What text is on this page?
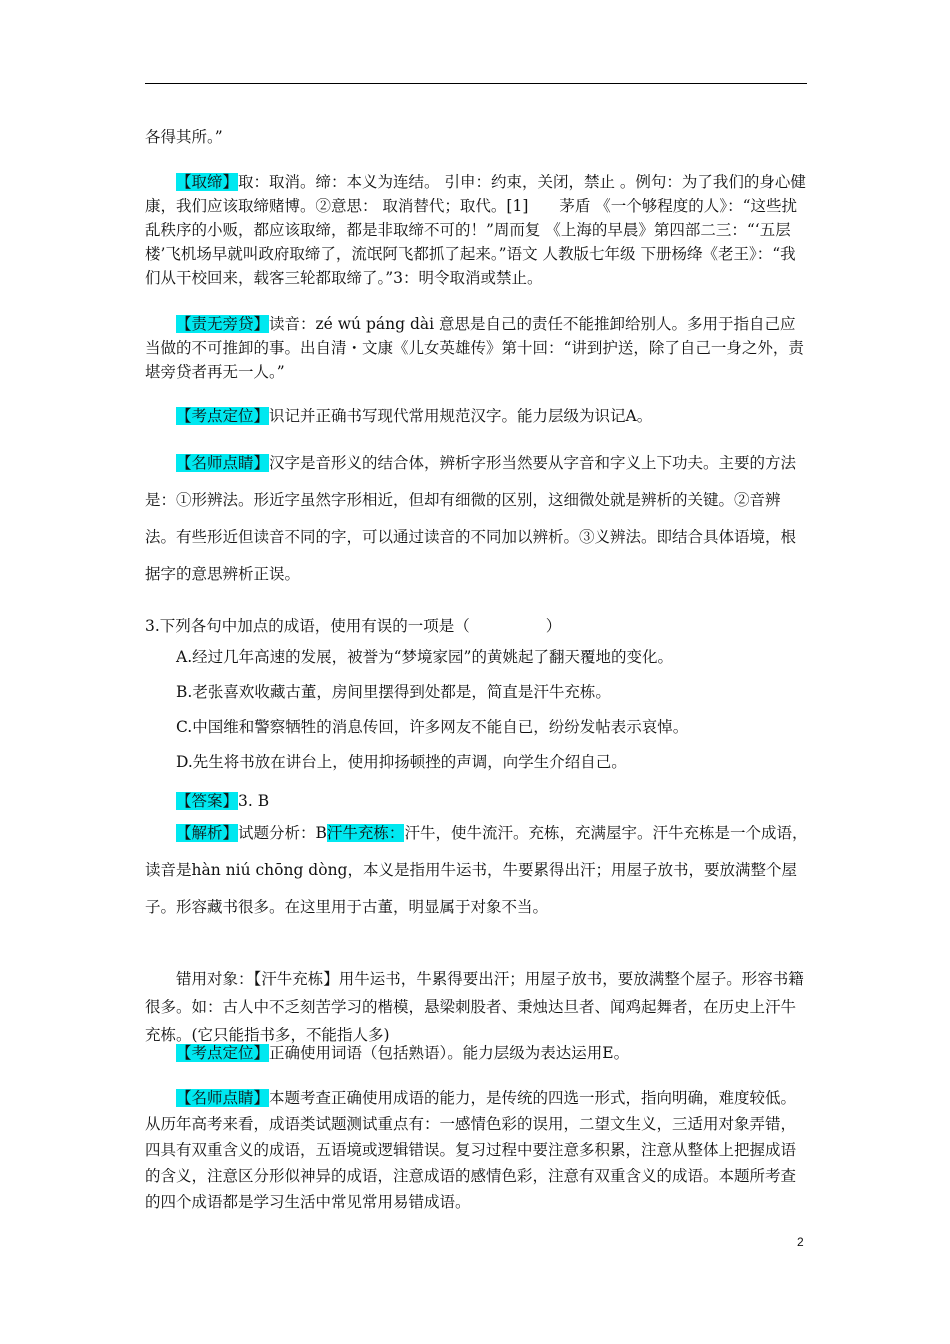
各得其所。”

【取缔】取：取消。缔：本义为连结。 引申：约束，关闭，禁止 。例句：为了我们的身心健康，我们应该取缔赌博。②意思： 取消替代；取代。[1]　　茅盾 《一个够程度的人》：“这些扰乱秩序的小贩，都应该取缔，都是非取缔不可的！”周而复 《上海的早晨》第四部二三：“‘五层楼’飞机场早就叫政府取缔了，流氓阿飞都抓了起来。”语文 人教版七年级 下册杨绛《老王》：“我们从干校回来，载客三轮都取缔了。”3：明令取消或禁止。

【责无旁贷】读音：zé wú páng dài 意思是自己的责任不能推卸给别人。多用于指自己应当做的不可推卸的事。出自清・文康《儿女英雄传》第十回：“讲到护送，除了自己一身之外，责堪旁贷者再无一人。”

【考点定位】识记并正确书写现代常用规范汉字。能力层级为识记A。

【名师点睛】汉字是音形义的结合体，辨析字形当然要从字音和字义上下功夫。主要的方法是：①形辨法。形近字虽然字形相近，但却有细微的区别，这细微处就是辨析的关键。②音辨法。有些形近但读音不同的字，可以通过读音的不同加以辨析。③义辨法。即结合具体语境，根据字的意思辨析正误。

3.下列各句中加点的成语，使用有误的一项是（	）

A.经过几年高速的发展，被誉为“梦境家园”的黄姚起了翻天覆地的变化。

B.老张喜欢收藏古董，房间里摆得到处都是，简直是汗牛充栋。

C.中国维和警察牺牲的消息传回，许多网友不能自已，纷纷发帖表示哀悼。

D.先生将书放在讲台上，使用抑扬顿挫的声调，向学生介绍自己。

【答案】3. B

【解析】试题分析：B汗牛充栋：汗牛，使牛流汗。充栋，充满屋宇。汗牛充栋是一个成语，读音是hàn niú chōng dòng，本义是指用牛运书，牛要累得出汗；用屋子放书，要放满整个屋子。形容藏书很多。在这里用于古董，明显属于对象不当。

错用对象：【汗牛充栋】用牛运书，牛累得要出汗；用屋子放书，要放满整个屋子。形容书籍很多。如：古人中不乏刻苦学习的楷模，悬梁刺股者、秉烛达旦者、闻鸡起舞者，在历史上汗牛充栋。(它只能指书多，不能指人多)

【考点定位】正确使用词语（包括熟语）。能力层级为表达运用E。

【名师点睛】本题考查正确使用成语的能力，是传统的四选一形式，指向明确，难度较低。从历年高考来看，成语类试题测试重点有：一感情色彩的误用，二望文生义，三适用对象弄错，四具有双重含义的成语，五语境或逻辑错误。复习过程中要注意多积累，注意从整体上把握成语的含义，注意区分形似神异的成语，注意成语的感情色彩，注意有双重含义的成语。本题所考查的四个成语都是学习生活中常见常用易错成语。

2
